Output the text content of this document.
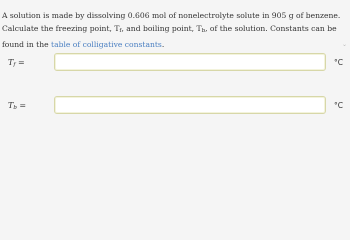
A solution is made by dissolving 0.606 mol of nonelectrolyte solute in 905 g of benzene. Calculate the freezing point, Tf, and boiling point, Tb, of the solution. Constants can be found in the table of colligative constants.	⌄
Tf =	°C
Tb =	°C
